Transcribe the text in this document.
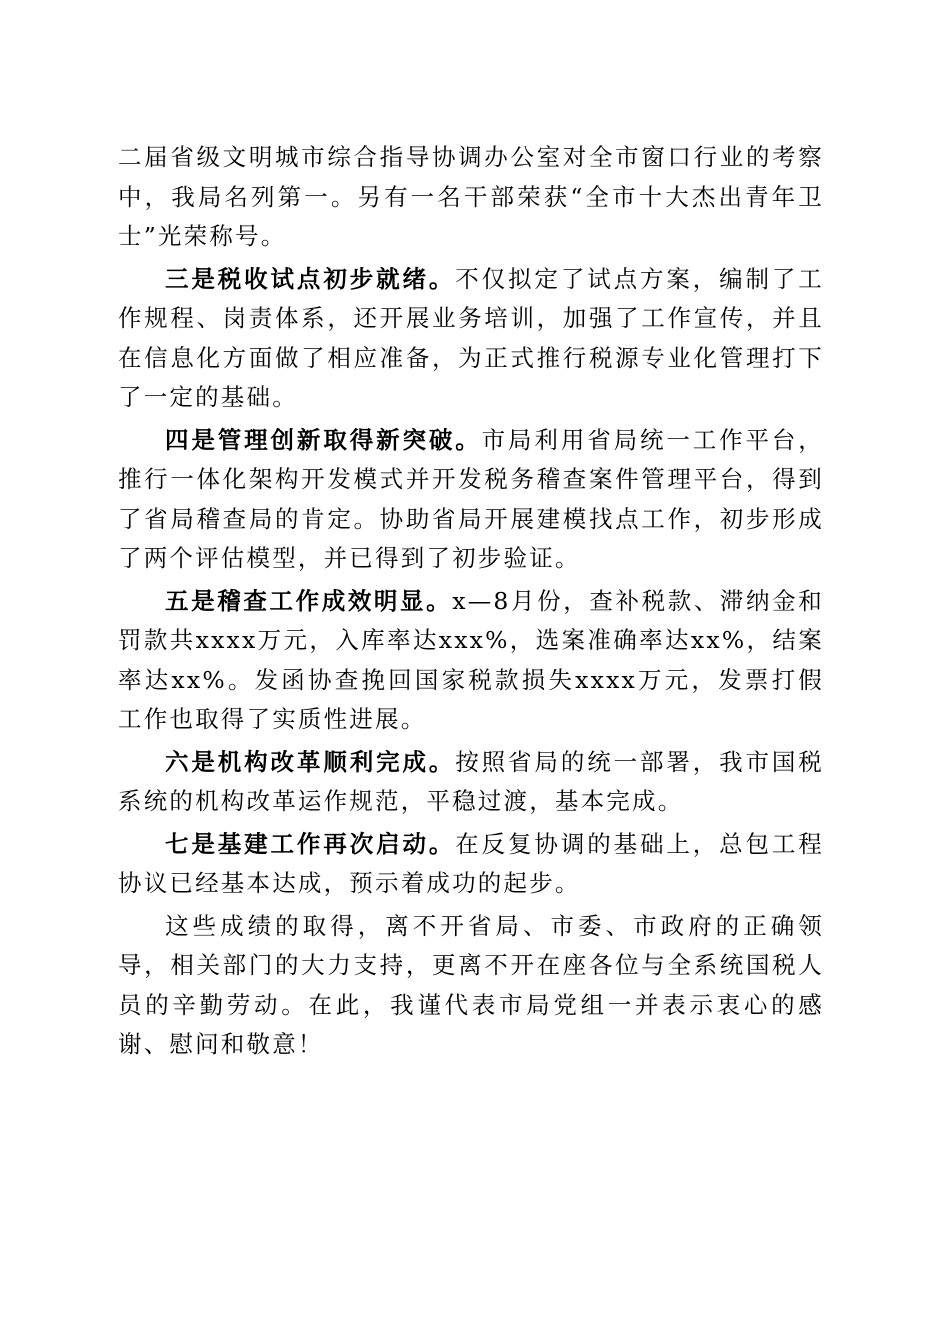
二届省级文明城市综合指导协调办公室对全市窗口行业的考察中，我局名列第一。另有一名干部荣获“全市十大杰出青年卫士”光荣称号。

三是税收试点初步就绪。不仅拟定了试点方案，编制了工作规程、岗责体系，还开展业务培训，加强了工作宣传，并且在信息化方面做了相应准备，为正式推行税源专业化管理打下了一定的基础。

四是管理创新取得新突破。市局利用省局统一工作平台，推行一体化架构开发模式并开发税务稽查案件管理平台，得到了省局稽查局的肯定。协助省局开展建模找点工作，初步形成了两个评估模型，并已得到了初步验证。

五是稽查工作成效明显。x—8月份，查补税款、滞纳金和罚款共xxxx万元，入库率达xxx%，选案准确率达xx%，结案率达xx%。发函协查挽回国家税款损失xxxx万元，发票打假工作也取得了实质性进展。

六是机构改革顺利完成。按照省局的统一部署，我市国税系统的机构改革运作规范，平稳过渡，基本完成。

七是基建工作再次启动。在反复协调的基础上，总包工程协议已经基本达成，预示着成功的起步。

这些成绩的取得，离不开省局、市委、市政府的正确领导，相关部门的大力支持，更离不开在座各位与全系统国税人员的辛勤劳动。在此，我谨代表市局党组一并表示衷心的感谢、慰问和敬意！
